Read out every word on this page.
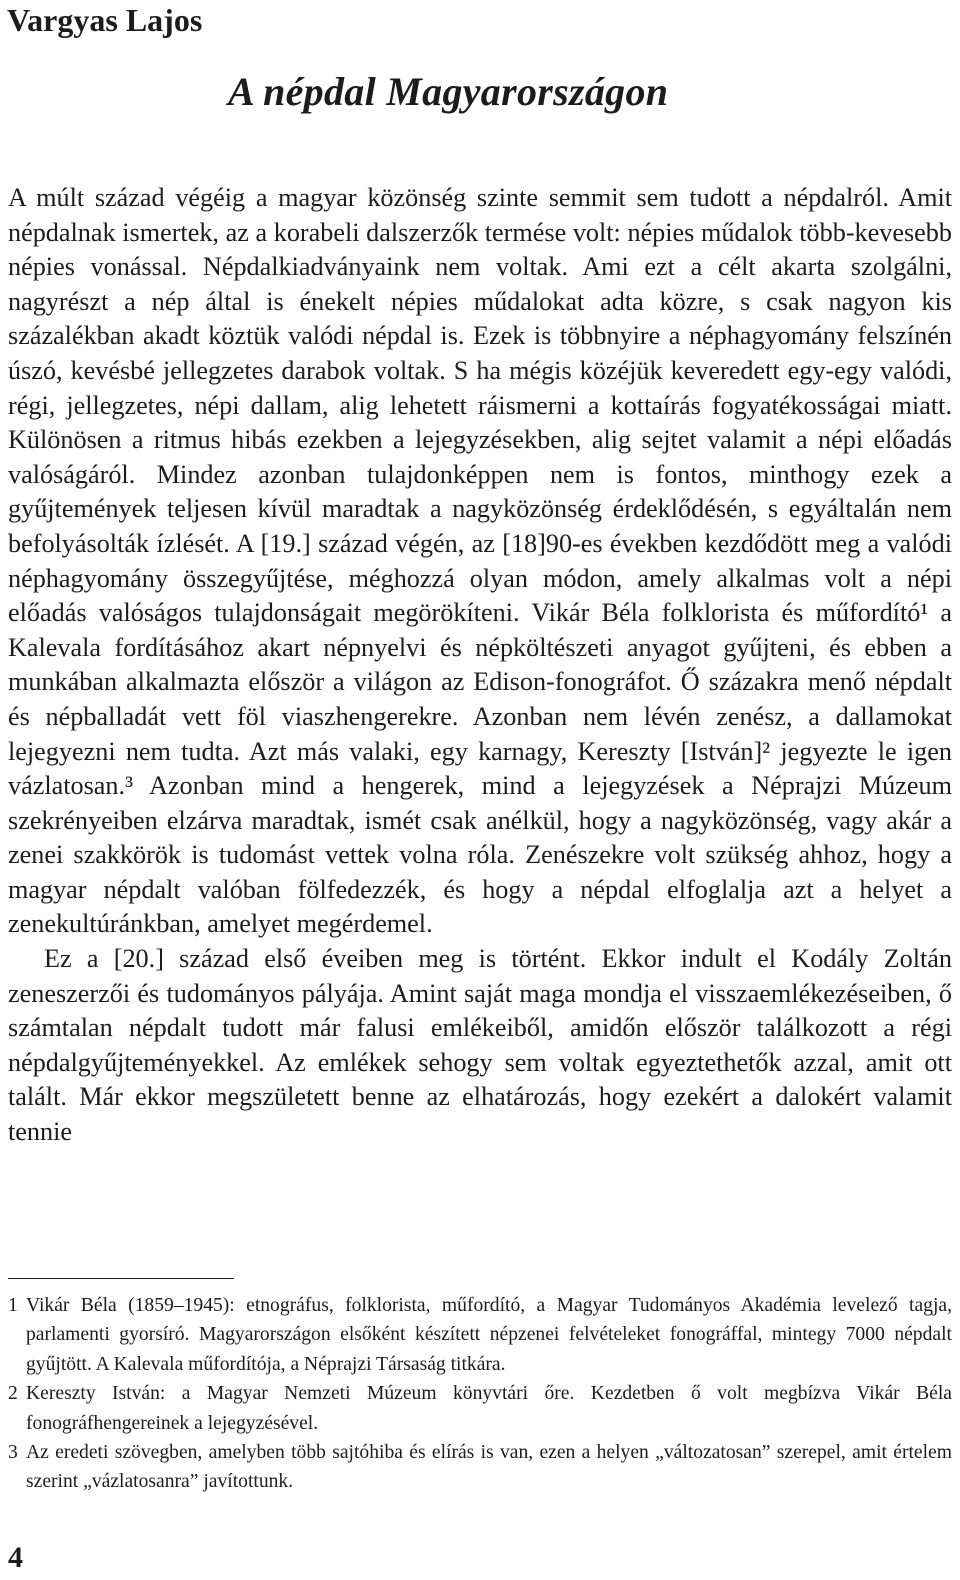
Vargyas Lajos
A népdal Magyarországon

A múlt század végéig a magyar közönség szinte semmit sem tudott a népdalról. Amit népdalnak ismertek, az a korabeli dalszerzők termése volt: népies műdalok több-kevesebb népies vonással. Népdalkiadványaink nem voltak. Ami ezt a célt akarta szolgálni, nagyrészt a nép által is énekelt népies műdalokat adta közre, s csak nagyon kis százalékban akadt köztük valódi népdal is. Ezek is többnyire a néphagyomány felszínén úszó, kevésbé jellegzetes darabok voltak. S ha mégis közéjük keveredett egy-egy valódi, régi, jellegzetes, népi dallam, alig lehetett ráismerni a kottaírás fogyatékosságai miatt. Különösen a ritmus hibás ezekben a lejegyzésekben, alig sejtet valamit a népi előadás valóságáról. Mindez azonban tulajdonképpen nem is fontos, minthogy ezek a gyűjtemények teljesen kívül maradtak a nagyközönség érdeklődésén, s egyáltalán nem befolyásolták ízlését. A [19.] század végén, az [18]90-es években kezdődött meg a valódi néphagyomány összegyűjtése, méghozzá olyan módon, amely alkalmas volt a népi előadás valóságos tulajdonságait megörökíteni. Vikár Béla folklorista és műfordító¹ a Kalevala fordításához akart népnyelvi és népköltészeti anyagot gyűjteni, és ebben a munkában alkalmazta először a világon az Edison-fonográfot. Ő százakra menő népdalt és népballadát vett föl viaszhengerekre. Azonban nem lévén zenész, a dallamokat lejegyezni nem tudta. Azt más valaki, egy karnagy, Kereszty [István]² jegyezte le igen vázlatosan.³ Azonban mind a hengerek, mind a lejegyzések a Néprajzi Múzeum szekrényeiben elzárva maradtak, ismét csak anélkül, hogy a nagyközönség, vagy akár a zenei szakkörök is tudomást vettek volna róla. Zenészekre volt szükség ahhoz, hogy a magyar népdalt valóban fölfedezzék, és hogy a népdal elfoglalja azt a helyet a zenekultúránkban, amelyet megérdemel.

Ez a [20.] század első éveiben meg is történt. Ekkor indult el Kodály Zoltán zeneszerzői és tudományos pályája. Amint saját maga mondja el visszaemlékezéseiben, ő számtalan népdalt tudott már falusi emlékeiből, amidőn először találkozott a régi népdalgyűjteményekkel. Az emlékek sehogy sem voltak egyeztethetők azzal, amit ott talált. Már ekkor megszületett benne az elhatározás, hogy ezekért a dalokért valamit tennie

1 Vikár Béla (1859–1945): etnográfus, folklorista, műfordító, a Magyar Tudományos Akadémia levelező tagja, parlamenti gyorsíró. Magyarországon elsőként készített népzenei felvételeket fonográffal, mintegy 7000 népdalt gyűjtött. A Kalevala műfordítója, a Néprajzi Társaság titkára.
2 Kereszty István: a Magyar Nemzeti Múzeum könyvtári őre. Kezdetben ő volt megbízva Vikár Béla fonográfhengereinek a lejegyzésével.
3 Az eredeti szövegben, amelyben több sajtóhiba és elírás is van, ezen a helyen „változatosan” szerepel, amit értelem szerint „vázlatosanra” javítottunk.
4
